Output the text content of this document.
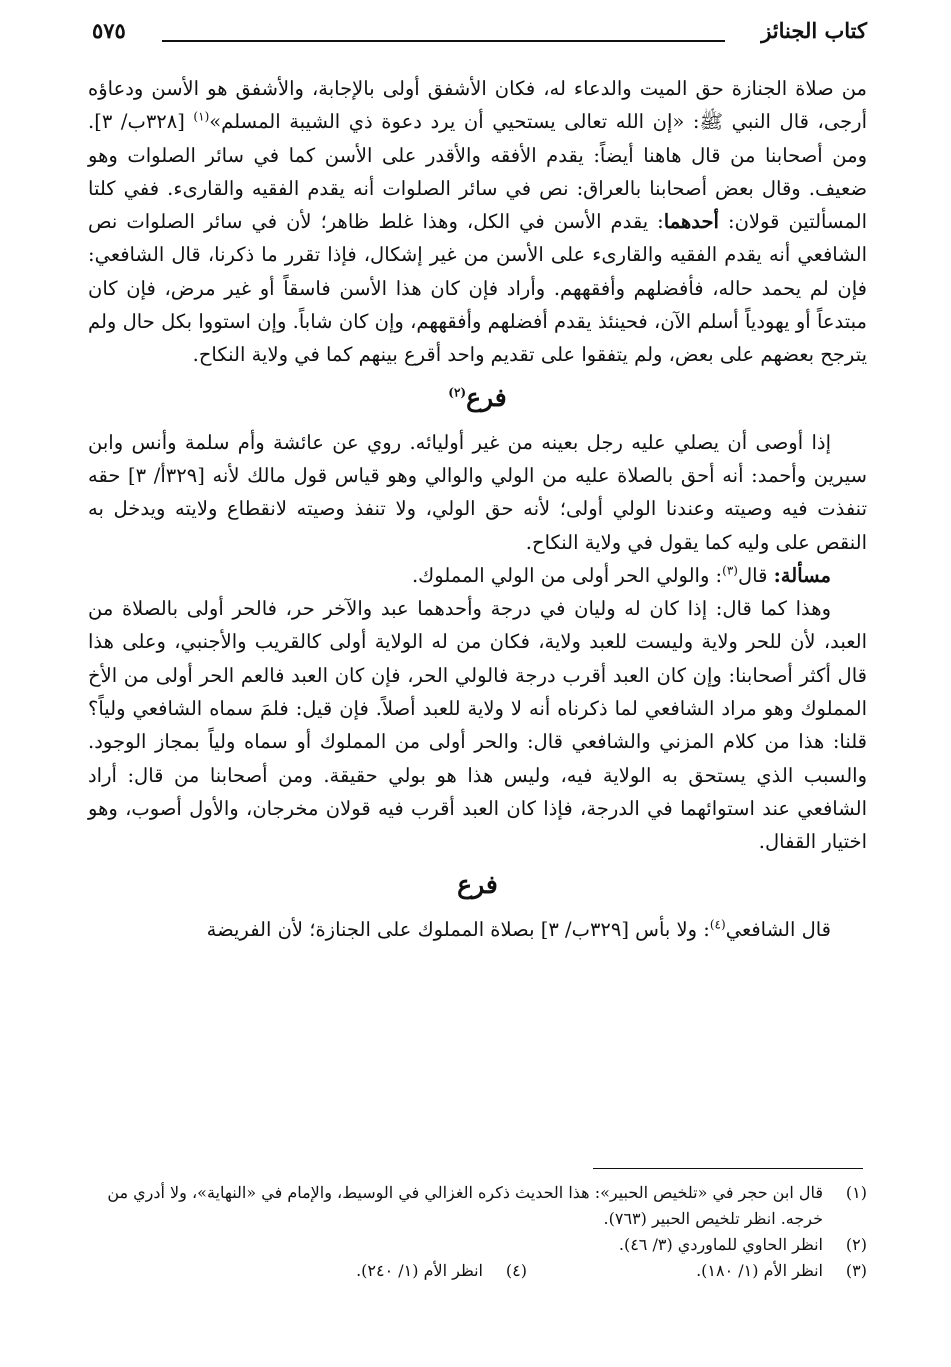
كتاب الجنائز
٥٧٥

من صلاة الجنازة حق الميت والدعاء له، فكان الأشفق أولى بالإجابة، والأشفق هو الأسن ودعاؤه أرجى، قال النبي ﷺ: «إن الله تعالى يستحيي أن يرد دعوة ذي الشيبة المسلم»$^{(١)}$ [٣٢٨ب/ ٣]. ومن أصحابنا من قال هاهنا أيضاً: يقدم الأفقه والأقدر على الأسن كما في سائر الصلوات وهو ضعيف. وقال بعض أصحابنا بالعراق: نص في سائر الصلوات أنه يقدم الفقيه والقارىء. ففي كلتا المسألتين قولان: أحدهما: يقدم الأسن في الكل، وهذا غلط ظاهر؛ لأن في سائر الصلوات نص الشافعي أنه يقدم الفقيه والقارىء على الأسن من غير إشكال، فإذا تقرر ما ذكرنا، قال الشافعي: فإن لم يحمد حاله، فأفضلهم وأفقههم. وأراد فإن كان هذا الأسن فاسقاً أو غير مرض، فإن كان مبتدعاً أو يهودياً أسلم الآن، فحينئذ يقدم أفضلهم وأفقههم، وإن كان شاباً. وإن استووا بكل حال ولم يترجح بعضهم على بعض، ولم يتفقوا على تقديم واحد أقرع بينهم كما في ولاية النكاح.

فرع$^{(٢)}$

إذا أوصى أن يصلي عليه رجل بعينه من غير أوليائه. روي عن عائشة وأم سلمة وأنس وابن سيرين وأحمد: أنه أحق بالصلاة عليه من الولي والوالي وهو قياس قول مالك لأنه [٣٢٩أ/ ٣] حقه تنفذت فيه وصيته وعندنا الولي أولى؛ لأنه حق الولي، ولا تنفذ وصيته لانقطاع ولايته ويدخل به النقص على وليه كما يقول في ولاية النكاح.

مسألة: قال$^{(٣)}$: والولي الحر أولى من الولي المملوك.

وهذا كما قال: إذا كان له وليان في درجة وأحدهما عبد والآخر حر، فالحر أولى بالصلاة من العبد، لأن للحر ولاية وليست للعبد ولاية، فكان من له الولاية أولى كالقريب والأجنبي، وعلى هذا قال أكثر أصحابنا: وإن كان العبد أقرب درجة فالولي الحر، فإن كان العبد فالعم الحر أولى من الأخ المملوك وهو مراد الشافعي لما ذكرناه أنه لا ولاية للعبد أصلاً. فإن قيل: فلمَ سماه الشافعي ولياً؟ قلنا: هذا من كلام المزني والشافعي قال: والحر أولى من المملوك أو سماه ولياً بمجاز الوجود. والسبب الذي يستحق به الولاية فيه، وليس هذا هو بولي حقيقة. ومن أصحابنا من قال: أراد الشافعي عند استوائهما في الدرجة، فإذا كان العبد أقرب فيه قولان مخرجان، والأول أصوب، وهو اختيار القفال.

فرع

قال الشافعي$^{(٤)}$: ولا بأس [٣٢٩ب/ ٣] بصلاة المملوك على الجنازة؛ لأن الفريضة

(١)
قال ابن حجر في «تلخيص الحبير»: هذا الحديث ذكره الغزالي في الوسيط، والإمام في «النهاية»، ولا أدري من خرجه. انظر تلخيص الحبير (٧٦٣).
(٢)
انظر الحاوي للماوردي (٣/ ٤٦).
(٣)
انظر الأم (١/ ١٨٠).
(٤)
انظر الأم (١/ ٢٤٠).
